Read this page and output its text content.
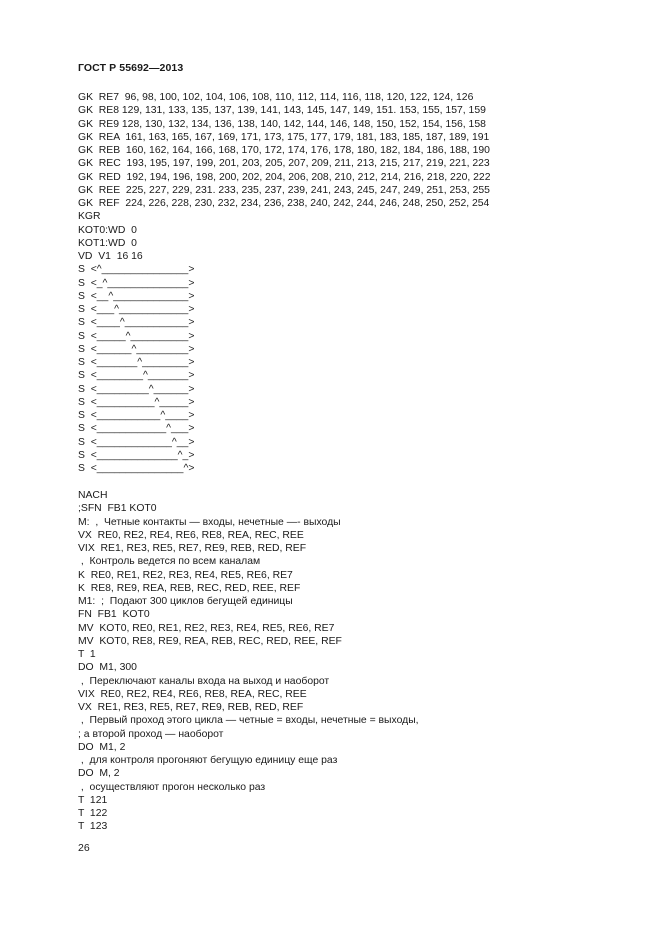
ГОСТ Р 55692—2013
GK  RE7  96, 98, 100, 102, 104, 106, 108, 110, 112, 114, 116, 118, 120, 122, 124, 126
GK  RE8 129, 131, 133, 135, 137, 139, 141, 143, 145, 147, 149, 151. 153, 155, 157, 159
GK  RE9 128, 130, 132, 134, 136, 138, 140, 142, 144, 146, 148, 150, 152, 154, 156, 158
GK  REA  161, 163, 165, 167, 169, 171, 173, 175, 177, 179, 181, 183, 185, 187, 189, 191
GK  REB  160, 162, 164, 166, 168, 170, 172, 174, 176, 178, 180, 182, 184, 186, 188, 190
GK  REC  193, 195, 197, 199, 201, 203, 205, 207, 209, 211, 213, 215, 217, 219, 221, 223
GK  RED  192, 194, 196, 198, 200, 202, 204, 206, 208, 210, 212, 214, 216, 218, 220, 222
GK  REE  225, 227, 229, 231. 233, 235, 237, 239, 241, 243, 245, 247, 249, 251, 253, 255
GK  REF  224, 226, 228, 230, 232, 234, 236, 238, 240, 242, 244, 246, 248, 250, 252, 254
KGR
KOT0:WD  0
KOT1:WD  0
VD  V1  16 16
S  <^_______________>
S  <_^______________>
S  <__^_____________>
S  <___^____________>
S  <____^___________>
S  <_____^__________>
S  <______^_________>
S  <_______^________>
S  <________^_______>
S  <_________^______>
S  <__________^_____>
S  <___________^____>
S  <____________^___>
S  <_____________^__>
S  <______________^_>
S  <_______________^>
NACH
;SFN  FB1 KOT0
M:  ,  Четные контакты — входы, нечетные —- выходы
VX  RE0, RE2, RE4, RE6, RE8, REA, REC, REE
VIX  RE1, RE3, RE5, RE7, RE9, REB, RED, REF
,  Контроль ведется по всем каналам
K  RE0, RE1, RE2, RE3, RE4, RE5, RE6, RE7
K  RE8, RE9, REA, REB, REC, RED, REE, REF
M1:  ;  Подают 300 циклов бегущей единицы
FN  FB1  KOT0
MV  KOT0, RE0, RE1, RE2, RE3, RE4, RE5, RE6, RE7
MV  KOT0, RE8, RE9, REA, REB, REC, RED, REE, REF
T  1
DO  M1, 300
,  Переключают каналы входа на выход и наоборот
VIX  RE0, RE2, RE4, RE6, RE8, REA, REC, REE
VX  RE1, RE3, RE5, RE7, RE9, REB, RED, REF
,  Первый проход этого цикла — четные = входы, нечетные = выходы,
; а второй проход — наоборот
DO  M1, 2
,  для контроля прогоняют бегущую единицу еще раз
DO  M, 2
,  осуществляют прогон несколько раз
T  121
T  122
T  123
26
